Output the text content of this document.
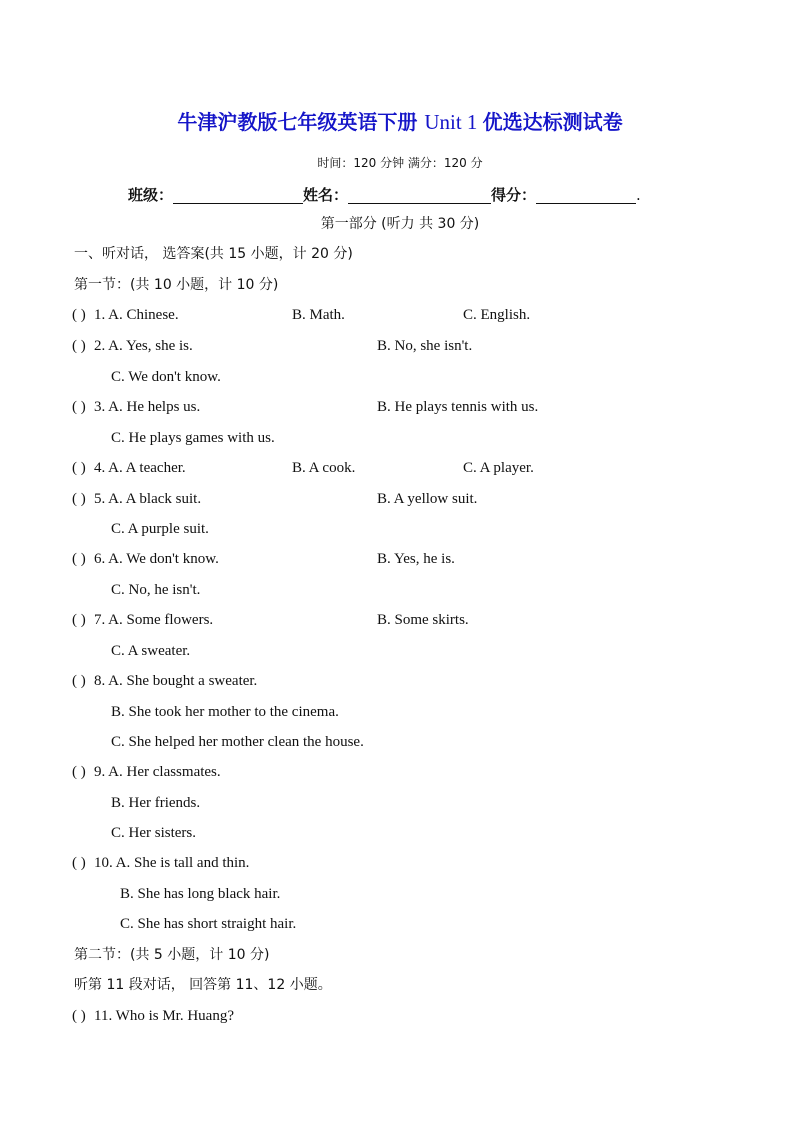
牛津沪教版七年级英语下册 Unit 1 优选达标测试卷
时间：120 分钟 满分：120 分
班级：	姓名：	得分：	.
第一部分 (听力 共 30 分)
一、听对话， 选答案(共 15 小题，计 20 分)
第一节：(共 10 小题，计 10 分)
( ) 1. A. Chinese.	B. Math.	C. English.
( ) 2. A. Yes, she is.	B. No, she isn't.
C. We don't know.
( ) 3. A. He helps us.	B. He plays tennis with us.
C. He plays games with us.
( ) 4. A. A teacher.	B. A cook.	C. A player.
( ) 5. A. A black suit.	B. A yellow suit.
C. A purple suit.
( ) 6. A. We don't know.	B. Yes, he is.
C. No, he isn't.
( ) 7. A. Some flowers.	B. Some skirts.
C. A sweater.
( ) 8. A. She bought a sweater.
B. She took her mother to the cinema.
C. She helped her mother clean the house.
( ) 9. A. Her classmates.
B. Her friends.
C. Her sisters.
( ) 10. A. She is tall and thin.
B. She has long black hair.
C. She has short straight hair.
第二节：(共 5 小题，计 10 分)
听第 11 段对话， 回答第 11、12 小题。
( ) 11. Who is Mr. Huang?
